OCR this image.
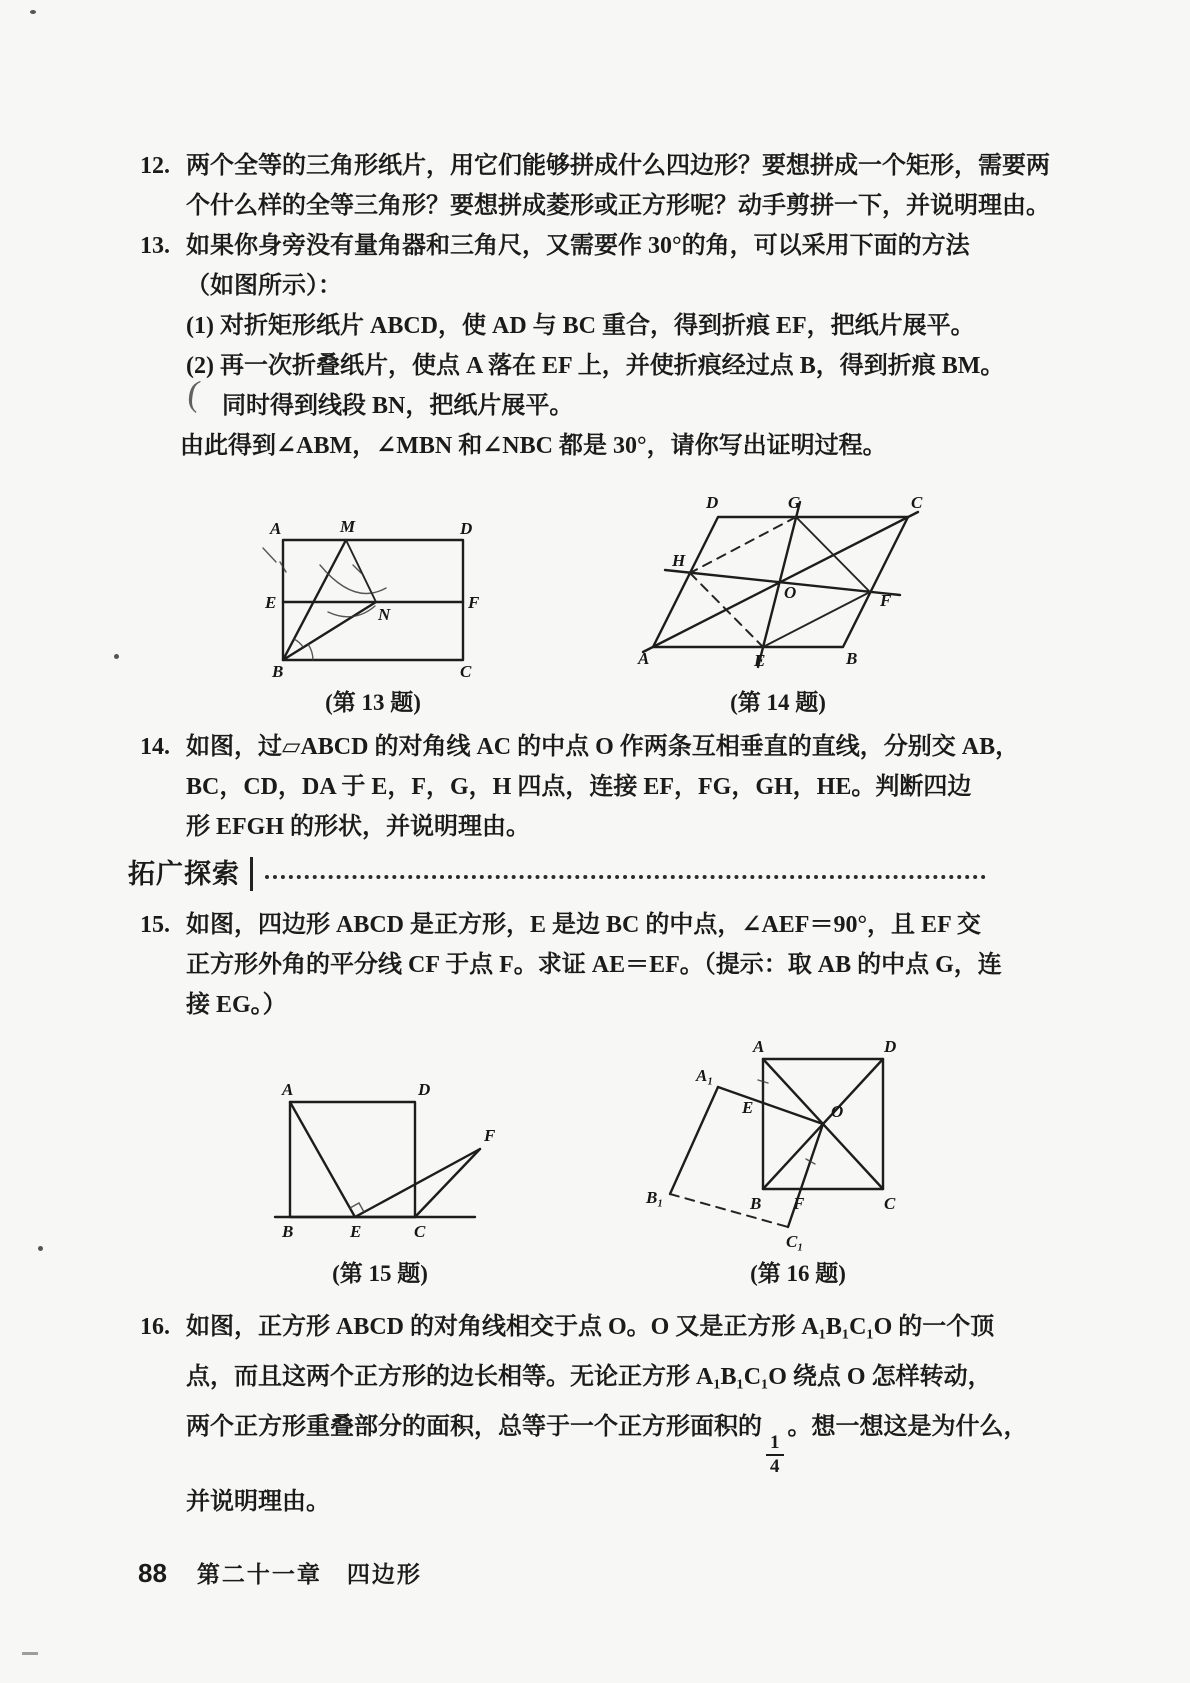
12. 两个全等的三角形纸片，用它们能够拼成什么四边形？要想拼成一个矩形，需要两
个什么样的全等三角形？要想拼成菱形或正方形呢？动手剪拼一下，并说明理由。
13. 如果你身旁没有量角器和三角尺，又需要作 30°的角，可以采用下面的方法
（如图所示）：
(1) 对折矩形纸片 ABCD，使 AD 与 BC 重合，得到折痕 EF，把纸片展平。
(2) 再一次折叠纸片，使点 A 落在 EF 上，并使折痕经过点 B，得到折痕 BM。
同时得到线段 BN，把纸片展平。
由此得到∠ABM，∠MBN 和∠NBC 都是 30°，请你写出证明过程。
A	M	D
E
N
F
B	C
(第 13 题)
D	G	C
H
O	F
A	E	B
(第 14 题)
14. 如图，过▱ABCD 的对角线 AC 的中点 O 作两条互相垂直的直线，分别交 AB，
BC，CD，DA 于 E，F，G，H 四点，连接 EF，FG，GH，HE。判断四边
形 EFGH 的形状，并说明理由。
拓广探索
15. 如图，四边形 ABCD 是正方形，E 是边 BC 的中点，∠AEF＝90°，且 EF 交
正方形外角的平分线 CF 于点 F。求证 AE＝EF。（提示：取 AB 的中点 G，连
接 EG。）
A	D
F
B	E	C
(第 15 题)
A	D
O
E
B F	C
A₁
B₁
C₁
(第 16 题)
16. 如图，正方形 ABCD 的对角线相交于点 O。O 又是正方形 A₁B₁C₁O 的一个顶
点，而且这两个正方形的边长相等。无论正方形 A₁B₁C₁O 绕点 O 怎样转动，
两个正方形重叠部分的面积，总等于一个正方形面积的
$\frac{1}{4}$
。想一想这是为什么，
并说明理由。
(
88 第二十一章　四边形
